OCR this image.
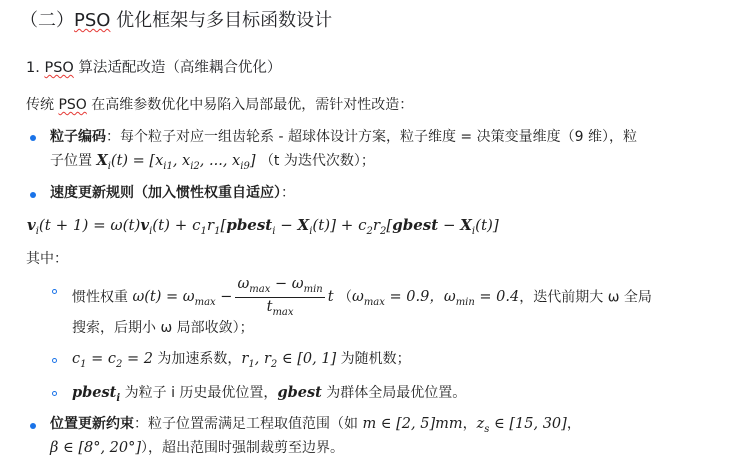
（二）PSO 优化框架与多目标函数设计
1. PSO 算法适配改造（高维耦合优化）
传统 PSO 在高维参数优化中易陷入局部最优，需针对性改造：
粒子编码：每个粒子对应一组齿轮系 - 超球体设计方案，粒子维度 = 决策变量维度（9 维），粒
子位置 $X_i(t) = [x_{i1}$, $x_{i2}$, ..., $x_{i9}$] （t 为迭代次数）；
速度更新规则（加入惯性权重自适应）：
$v_i(t + 1) = \omega(t)v_i(t)$ + $c_1r_1[pbest_i - X_i(t)]$ + $c_2r_2[gbest - X_i(t)]$
其中：
惯性权重 $\omega(t) = \omega_{max} - \frac{\omega_{max} - \omega_{min}}{t_{max}}$ t （$\omega_{max} = 0.9$，$\omega_{min} = 0.4$，迭代前期大 ω 全局
搜索，后期小 ω 局部收敛）；
$c_1 = c_2 = 2$ 为加速系数，$r_1$, $r_2$ ∈ [0, 1] 为随机数；
pbest$_i$ 为粒子 i 历史最优位置，gbest 为群体全局最优位置。
位置更新约束：粒子位置需满足工程取值范围（如 m ∈ [2, 5]mm，$z_s$ ∈ [15, 30]，
β ∈ [8°, 20°]），超出范围时强制裁剪至边界。
